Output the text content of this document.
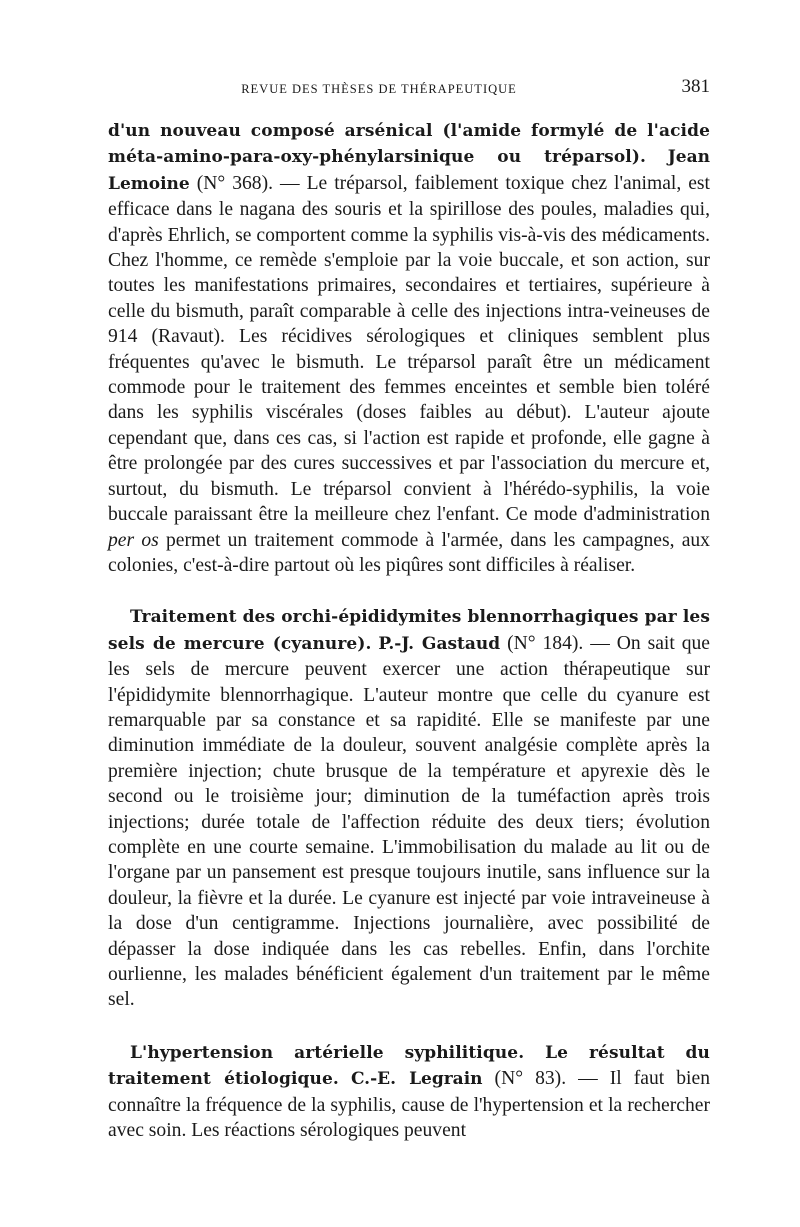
REVUE DES THÈSES DE THÉRAPEUTIQUE	381

d'un nouveau composé arsénical (l'amide formylé de l'acide méta-amino-para-oxy-phénylarsinique ou tréparsol). Jean Lemoine (N° 368). — Le tréparsol, faiblement toxique chez l'animal, est efficace dans le nagana des souris et la spirillose des poules, maladies qui, d'après Ehrlich, se comportent comme la syphilis vis-à-vis des médicaments. Chez l'homme, ce remède s'emploie par la voie buccale, et son action, sur toutes les manifestations primaires, secondaires et tertiaires, supérieure à celle du bismuth, paraît comparable à celle des injections intra-veineuses de 914 (Ravaut). Les récidives sérologiques et cliniques semblent plus fréquentes qu'avec le bismuth. Le tréparsol paraît être un médicament commode pour le traitement des femmes enceintes et semble bien toléré dans les syphilis viscérales (doses faibles au début). L'auteur ajoute cependant que, dans ces cas, si l'action est rapide et profonde, elle gagne à être prolongée par des cures successives et par l'association du mercure et, surtout, du bismuth. Le tréparsol convient à l'hérédo-syphilis, la voie buccale paraissant être la meilleure chez l'enfant. Ce mode d'administration per os permet un traitement commode à l'armée, dans les campagnes, aux colonies, c'est-à-dire partout où les piqûres sont difficiles à réaliser.

Traitement des orchi-épididymites blennorrhagiques par les sels de mercure (cyanure). P.-J. Gastaud (N° 184). — On sait que les sels de mercure peuvent exercer une action thérapeutique sur l'épididymite blennorrhagique. L'auteur montre que celle du cyanure est remarquable par sa constance et sa rapidité. Elle se manifeste par une diminution immédiate de la douleur, souvent analgésie complète après la première injection; chute brusque de la température et apyrexie dès le second ou le troisième jour; diminution de la tuméfaction après trois injections; durée totale de l'affection réduite des deux tiers; évolution complète en une courte semaine. L'immobilisation du malade au lit ou de l'organe par un pansement est presque toujours inutile, sans influence sur la douleur, la fièvre et la durée. Le cyanure est injecté par voie intraveineuse à la dose d'un centigramme. Injections journalière, avec possibilité de dépasser la dose indiquée dans les cas rebelles. Enfin, dans l'orchite ourlienne, les malades bénéficient également d'un traitement par le même sel.

L'hypertension artérielle syphilitique. Le résultat du traitement étiologique. C.-E. Legrain (N° 83). — Il faut bien connaître la fréquence de la syphilis, cause de l'hypertension et la rechercher avec soin. Les réactions sérologiques peuvent
